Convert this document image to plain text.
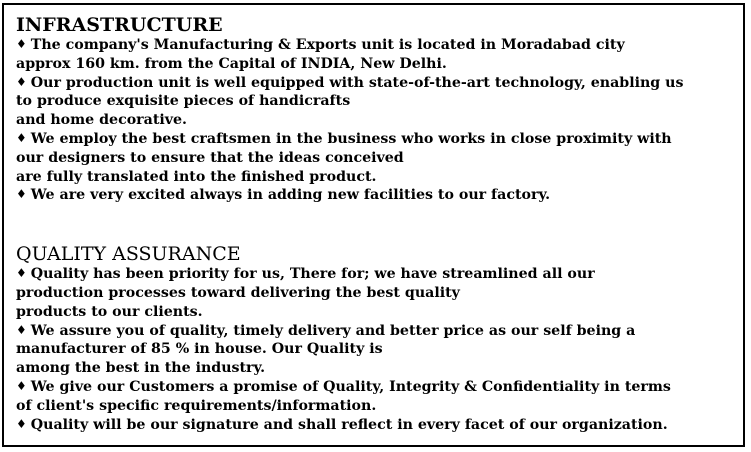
INFRASTRUCTURE
♦ The company's Manufacturing & Exports unit is located in Moradabad city
approx 160 km. from the Capital of INDIA, New Delhi.
♦ Our production unit is well equipped with state-of-the-art technology, enabling us
to produce exquisite pieces of handicrafts
and home decorative.
♦ We employ the best craftsmen in the business who works in close proximity with
our designers to ensure that the ideas conceived
are fully translated into the finished product.
♦ We are very excited always in adding new facilities to our factory.
QUALITY ASSURANCE
♦ Quality has been priority for us, There for; we have streamlined all our
production processes toward delivering the best quality
products to our clients.
♦ We assure you of quality, timely delivery and better price as our self being a
manufacturer of 85 % in house. Our Quality is
among the best in the industry.
♦ We give our Customers a promise of Quality, Integrity & Confidentiality in terms
of client's specific requirements/information.
♦ Quality will be our signature and shall reflect in every facet of our organization.
